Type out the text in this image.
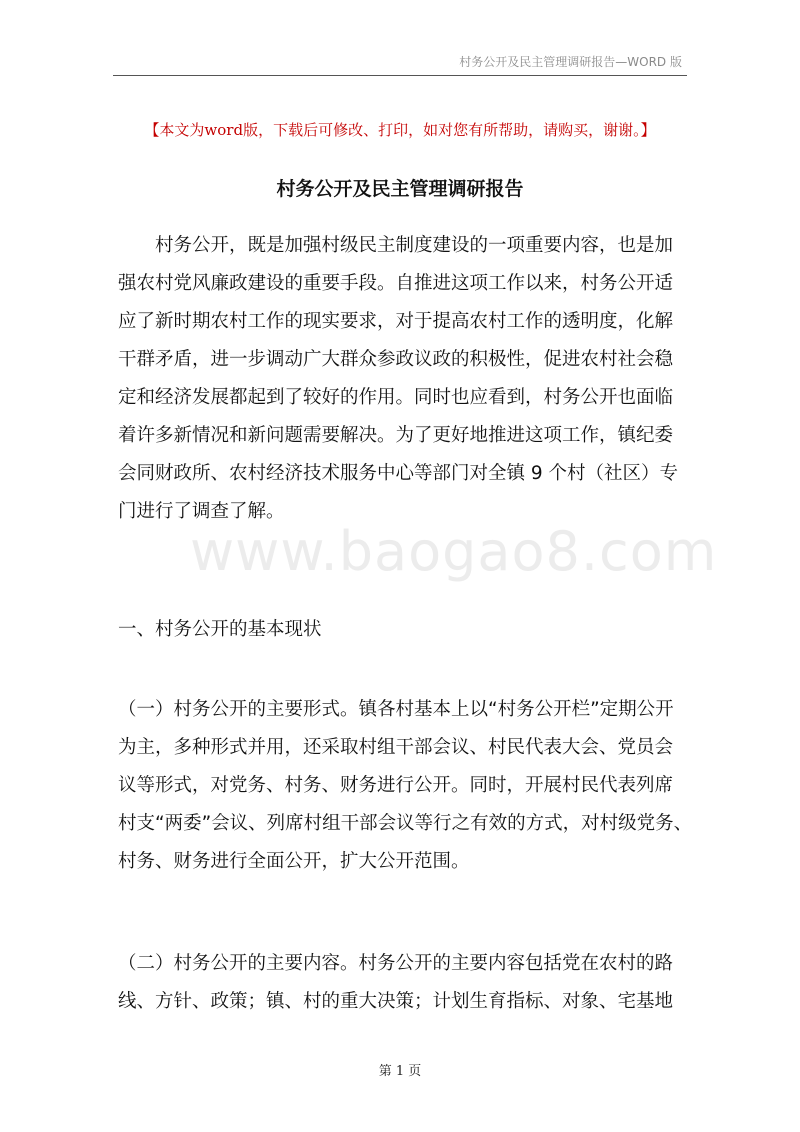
村务公开及民主管理调研报告—WORD 版
【本文为word版，下载后可修改、打印，如对您有所帮助，请购买，谢谢。】
村务公开及民主管理调研报告
www.baogao8.com
村务公开，既是加强村级民主制度建设的一项重要内容，也是加
强农村党风廉政建设的重要手段。自推进这项工作以来，村务公开适
应了新时期农村工作的现实要求，对于提高农村工作的透明度，化解
干群矛盾，进一步调动广大群众参政议政的积极性，促进农村社会稳
定和经济发展都起到了较好的作用。同时也应看到，村务公开也面临
着许多新情况和新问题需要解决。为了更好地推进这项工作，镇纪委
会同财政所、农村经济技术服务中心等部门对全镇 9 个村（社区）专
门进行了调查了解。
一、村务公开的基本现状
（一）村务公开的主要形式。镇各村基本上以“村务公开栏”定期公开
为主，多种形式并用，还采取村组干部会议、村民代表大会、党员会
议等形式，对党务、村务、财务进行公开。同时，开展村民代表列席
村支“两委”会议、列席村组干部会议等行之有效的方式，对村级党务、
村务、财务进行全面公开，扩大公开范围。
（二）村务公开的主要内容。村务公开的主要内容包括党在农村的路
线、方针、政策；镇、村的重大决策；计划生育指标、对象、宅基地
第 1 页
